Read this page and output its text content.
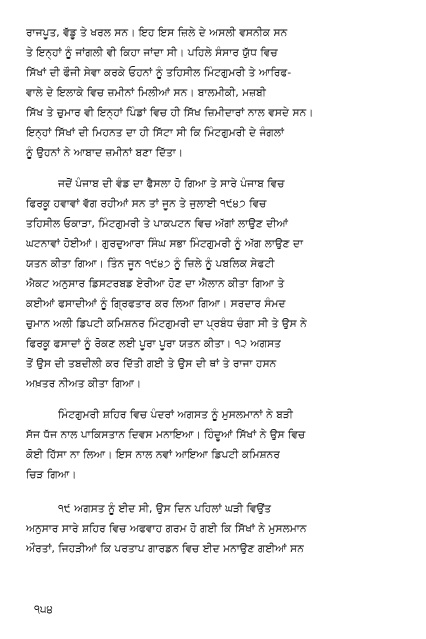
ਰਾਜਪੂਤ, ਵੱਡੂ ਤੇ ਖਰਲ ਸਨ। ਇਹ ਇਸ ਜ਼ਿਲੇ ਦੇ ਅਸਲੀ ਵਸਨੀਕ ਸਨ
ਤੇ ਇਨ੍ਹਾਂ ਨੂੰ ਜਾਂਗਲੀ ਵੀ ਕਿਹਾ ਜਾਂਦਾ ਸੀ। ਪਹਿਲੇ ਸੰਸਾਰ ਯੁੱਧ ਵਿਚ
ਸਿੱਖਾਂ ਦੀ ਫੌਜੀ ਸੇਵਾ ਕਰਕੇ ਓਹਨਾਂ ਨੂੰ ਤਹਿਸੀਲ ਮਿੰਟਗੁਮਰੀ ਤੇ ਆਰਿਫ-
ਵਾਲੇ ਦੇ ਇਲਾਕੇ ਵਿਚ ਜ਼ਮੀਨਾਂ ਮਿਲੀਆਂ ਸਨ। ਬਾਲਮੀਕੀ, ਮਜ਼ਬੀ
ਸਿੱਖ ਤੇ ਚੁਮਾਰ ਵੀ ਇਨ੍ਹਾਂ ਪਿੰਡਾਂ ਵਿਚ ਹੀ ਸਿੱਖ ਜ਼ਿਮੀਦਾਰਾਂ ਨਾਲ ਵਸਦੇ ਸਨ।
ਇਨ੍ਹਾਂ ਸਿੱਖਾਂ ਦੀ ਮਿਹਨਤ ਦਾ ਹੀ ਸਿੱਟਾ ਸੀ ਕਿ ਮਿੰਟਗੁਮਰੀ ਦੇ ਜੰਗਲਾਂ
ਨੂੰ ਉਹਨਾਂ ਨੇ ਆਬਾਦ ਜ਼ਮੀਨਾਂ ਬਣਾ ਦਿੱਤਾ।
ਜਦੋਂ ਪੰਜਾਬ ਦੀ ਵੰਡ ਦਾ ਫੈਸਲਾ ਹੋ ਗਿਆ ਤੇ ਸਾਰੇ ਪੰਜਾਬ ਵਿਚ
ਫਿਰਕੂ ਹਵਾਵਾਂ ਵੱਗ ਰਹੀਆਂ ਸਨ ਤਾਂ ਜੂਨ ਤੇ ਜੁਲਾਈ ੧੯੪੭ ਵਿਚ
ਤਹਿਸੀਲ ਓਕਾੜਾ, ਮਿੰਟਗੁਮਰੀ ਤੇ ਪਾਕਪਟਨ ਵਿਚ ਅੱਗਾਂ ਲਾਉਣ ਦੀਆਂ
ਘਟਨਾਵਾਂ ਹੋਈਆਂ। ਗੁਰਦੁਆਰਾ ਸਿੰਘ ਸਭਾ ਮਿੰਟਗੁਮਰੀ ਨੂੰ ਅੱਗ ਲਾਉਣ ਦਾ
ਯਤਨ ਕੀਤਾ ਗਿਆ। ਤਿੰਨ ਜੂਨ ੧੯੪੭ ਨੂੰ ਜ਼ਿਲੇ ਨੂੰ ਪਬਲਿਕ ਸੇਫਟੀ
ਐਕਟ ਅਨੁਸਾਰ ਡਿਸਟਰਬਡ ਏਰੀਆ ਹੋਣ ਦਾ ਐਲਾਨ ਕੀਤਾ ਗਿਆ ਤੇ
ਕਈਆਂ ਫਸਾਦੀਆਂ ਨੂੰ ਗ੍ਰਿਫਤਾਰ ਕਰ ਲਿਆ ਗਿਆ। ਸਰਦਾਰ ਸੰਮਦ
ਚੁਮਾਨ ਅਲੀ ਡਿਪਟੀ ਕਮਿਸ਼ਨਰ ਮਿੰਟਗੁਮਰੀ ਦਾ ਪ੍ਰਬੰਧ ਚੰਗਾ ਸੀ ਤੇ ਉਸ ਨੇ
ਫਿਰਕੂ ਫਸਾਦਾਂ ਨੂੰ ਰੋਕਣ ਲਈ ਪੂਰਾ ਪੂਰਾ ਯਤਨ ਕੀਤਾ। ੧੨ ਅਗਸਤ
ਤੋਂ ਉਸ ਦੀ ਤਬਦੀਲੀ ਕਰ ਦਿੱਤੀ ਗਈ ਤੇ ਉਸ ਦੀ ਥਾਂ ਤੇ ਰਾਜਾ ਹਸਨ
ਅਖ਼ਤਰ ਨੀਅਤ ਕੀਤਾ ਗਿਆ।
ਮਿੰਟਗੁਮਰੀ ਸ਼ਹਿਰ ਵਿਚ ਪੰਦਰਾਂ ਅਗਸਤ ਨੂੰ ਮੁਸਲਮਾਨਾਂ ਨੇ ਬੜੀ
ਸੱਜ ਧੱਜ ਨਾਲ ਪਾਕਿਸਤਾਨ ਦਿਵਸ ਮਨਾਇਆ। ਹਿੰਦੂਆਂ ਸਿੱਖਾਂ ਨੇ ਉਸ ਵਿਚ
ਕੋਈ ਹਿੱਸਾ ਨਾ ਲਿਆ। ਇਸ ਨਾਲ ਨਵਾਂ ਆਇਆ ਡਿਪਟੀ ਕਮਿਸ਼ਨਰ
ਚਿੜ ਗਿਆ।
੧੯ ਅਗਸਤ ਨੂੰ ਈਦ ਸੀ, ਉਸ ਦਿਨ ਪਹਿਲਾਂ ਘੜੀ ਵਿਉਂਤ
ਅਨੁਸਾਰ ਸਾਰੇ ਸ਼ਹਿਰ ਵਿਚ ਅਫਵਾਹ ਗਰਮ ਹੋ ਗਈ ਕਿ ਸਿੱਖਾਂ ਨੇ ਮੁਸਲਮਾਨ
ਔਰਤਾਂ, ਜਿਹੜੀਆਂ ਕਿ ਪਰਤਾਪ ਗਾਰਡਨ ਵਿਚ ਈਦ ਮਨਾਉਣ ਗਈਆਂ ਸਨ
੧੫੪
